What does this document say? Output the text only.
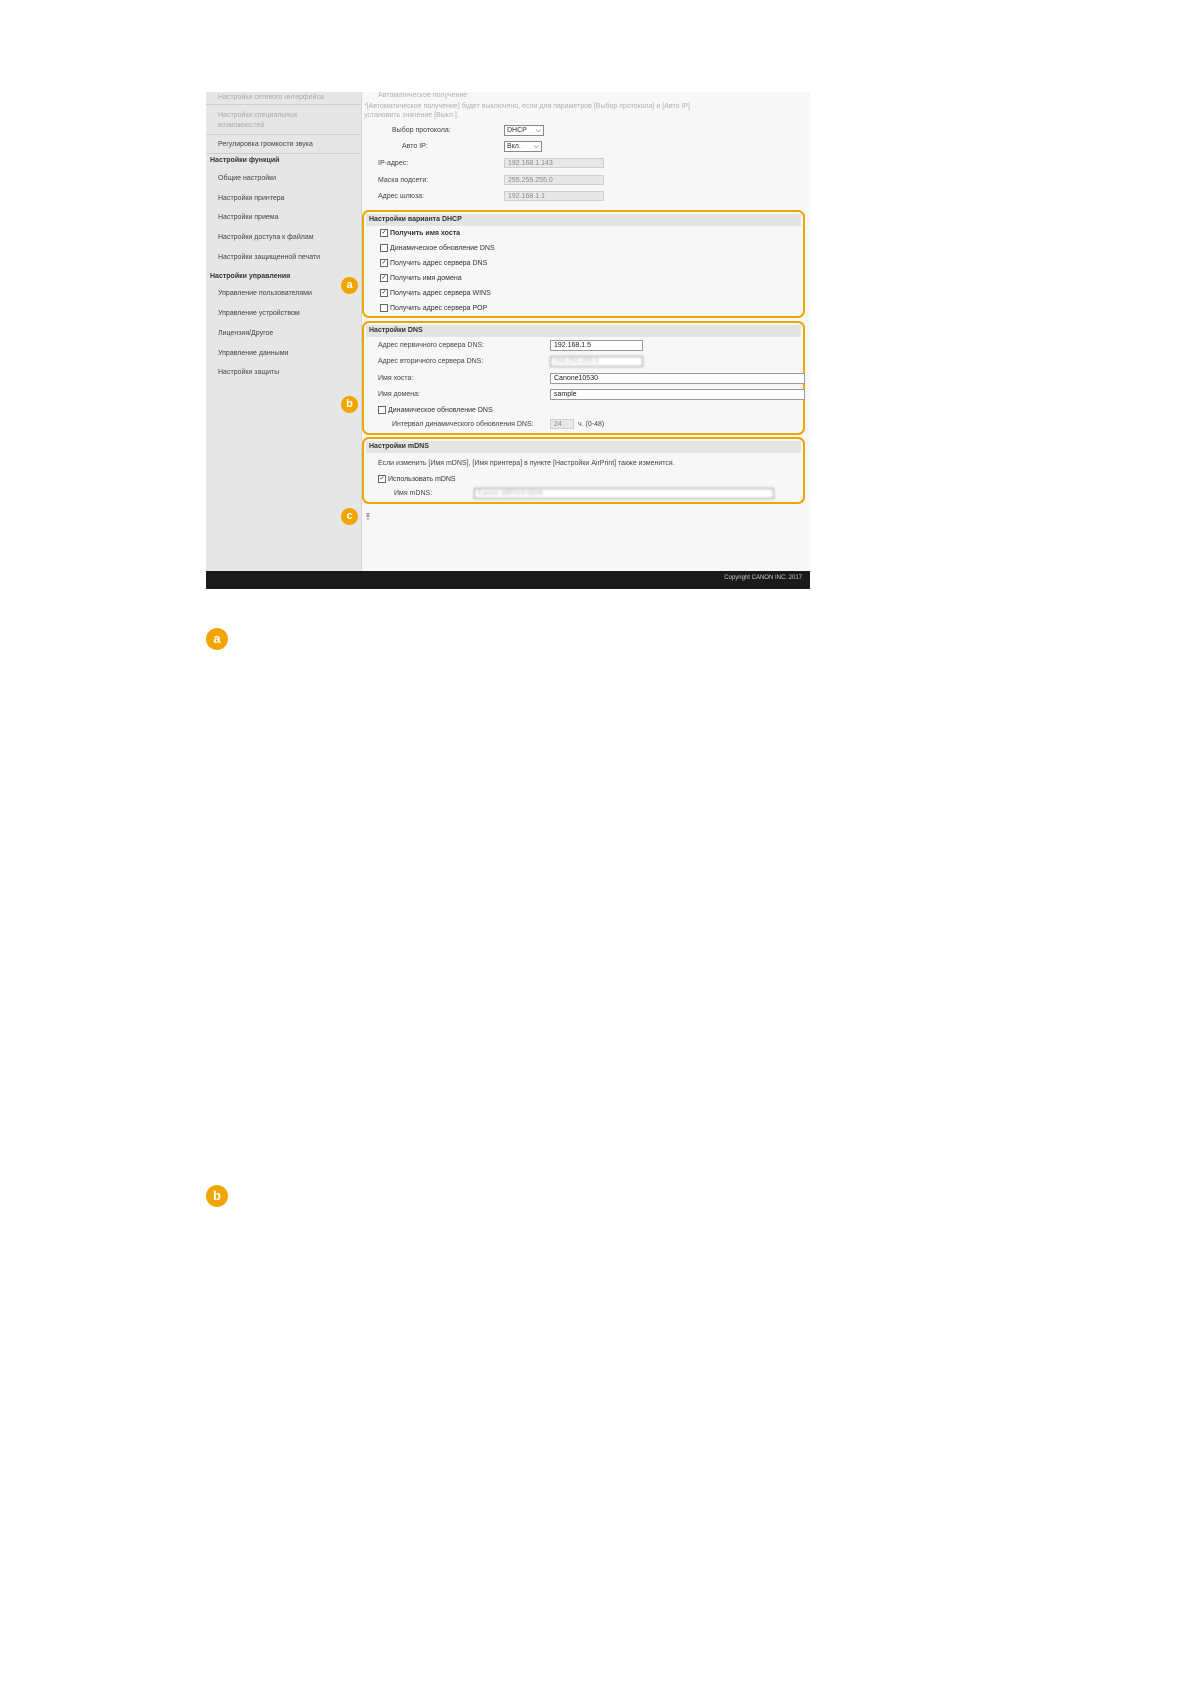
Настройки сетевого интерфейса
Настройки специальных
возможностей
Регулировка громкости звука
Настройки функций
Общие настройки
Настройки принтера
Настройки приема
Настройки доступа к файлам
Настройки защищенной печати
Настройки управления
Управление пользователями
Управление устройством
Лицензия/Другое
Управление данными
Настройки защиты
Автоматическое получение
*[Автоматическое получение] будет выключено, если для параметров [Выбор протокола] и [Авто IP]
установить значение [Выкл.].
Выбор протокола:	DHCP ⌵
Авто IP:	Вкл. ⌵
IP-адрес:	192.168.1.143
Маска подсети:	255.255.255.0
Адрес шлюза:	192.168.1.1
Настройки варианта DHCP
✓ Получить имя хоста
Динамическое обновление DNS
✓ Получить адрес сервера DNS
✓ Получить имя домена
✓ Получить адрес сервера WINS
Получить адрес сервера POP
Настройки DNS
Адрес первичного сервера DNS:	192.168.1.5
Адрес вторичного сервера DNS:	255.255.255.0
Имя хоста:	Canone10530
Имя домена:	sample
Динамическое обновление DNS
Интервал динамического обновления DNS:	24	ч. (0-48)
Настройки mDNS
Если изменить [Имя mDNS], [Имя принтера] в пункте [Настройки AirPrint] также изменится.
✓ Использовать mDNS
Имя mDNS:	Canon 1BF010-0546
⤒
a
b
c
Copyright CANON INC. 2017
a
b
